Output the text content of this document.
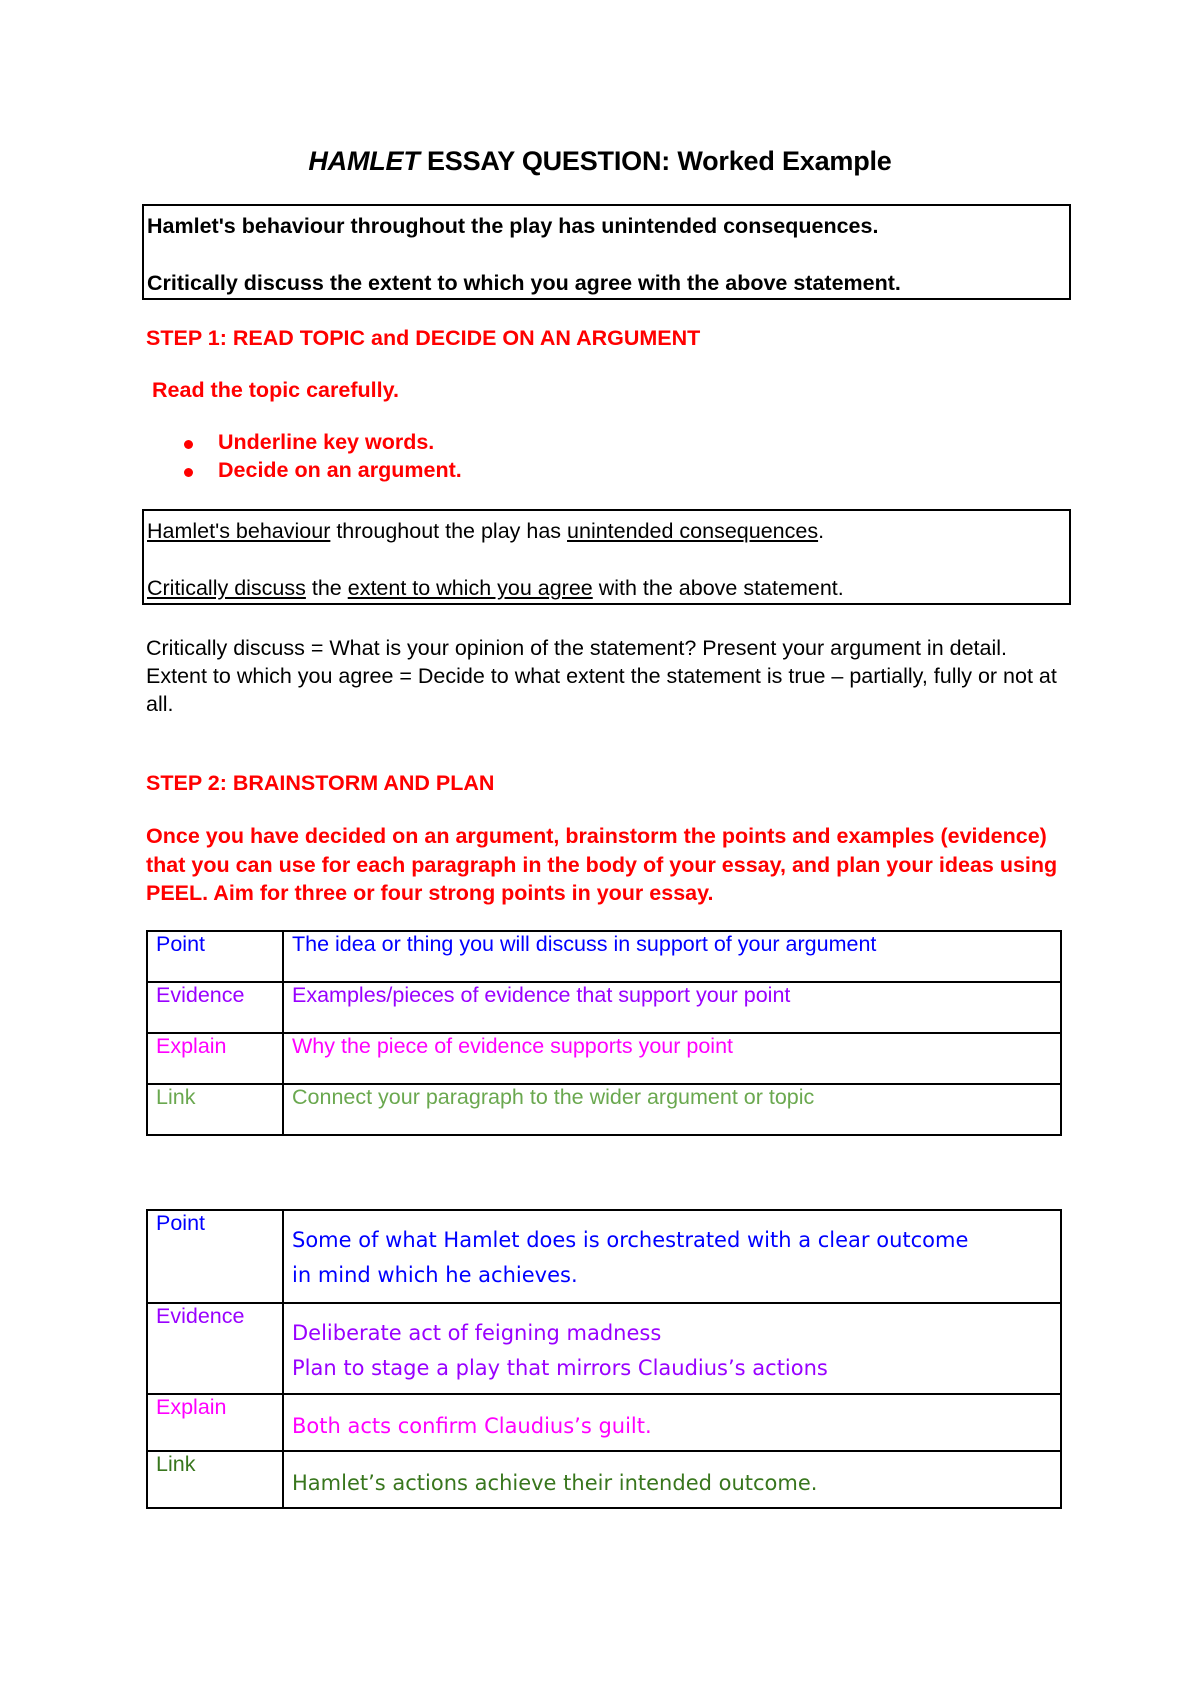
HAMLET ESSAY QUESTION: Worked Example

Hamlet's behaviour throughout the play has unintended consequences.

Critically discuss the extent to which you agree with the above statement.

STEP 1: READ TOPIC and DECIDE ON AN ARGUMENT
Read the topic carefully.
Underline key words.
Decide on an argument.

Hamlet's behaviour throughout the play has unintended consequences.

Critically discuss the extent to which you agree with the above statement.

Critically discuss = What is your opinion of the statement? Present your argument in detail.

Extent to which you agree = Decide to what extent the statement is true – partially, fully or not at all.

STEP 2: BRAINSTORM AND PLAN
Once you have decided on an argument, brainstorm the points and examples (evidence) that you can use for each paragraph in the body of your essay, and plan your ideas using PEEL. Aim for three or four strong points in your essay.
Point	The idea or thing you will discuss in support of your argument
Evidence	Examples/pieces of evidence that support your point
Explain	Why the piece of evidence supports your point
Link	Connect your paragraph to the wider argument or topic
Point	Some of what Hamlet does is orchestrated with a clear outcome
in mind which he achieves.

Evidence	Deliberate act of feigning madness
Plan to stage a play that mirrors Claudius’s actions

Explain	Both acts confirm Claudius’s guilt.
Link	Hamlet’s actions achieve their intended outcome.
